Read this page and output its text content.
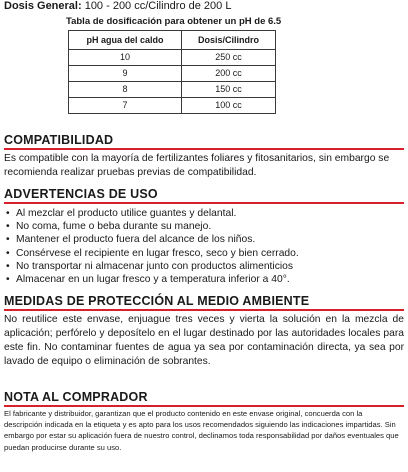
Dosis General: 100 - 200 cc/Cilindro de 200 L
Tabla de dosificación para obtener un pH de 6.5
pH agua del caldo	Dosis/Cilindro
10	250 cc
9	200 cc
8	150 cc
7	100 cc
COMPATIBILIDAD
Es compatible con la mayoría de fertilizantes foliares y fitosanitarios, sin embargo se recomienda realizar pruebas previas de compatibilidad.
ADVERTENCIAS DE USO
• Al mezclar el producto utilice guantes y delantal.
• No coma, fume o beba durante su manejo.
• Mantener el producto fuera del alcance de los niños.
• Consérvese el recipiente en lugar fresco, seco y bien cerrado.
• No transportar ni almacenar junto con productos alimenticios
• Almacenar en un lugar fresco y a temperatura inferior a 40°.
MEDIDAS DE PROTECCIÓN AL MEDIO AMBIENTE
No reutilice este envase, enjuague tres veces y vierta la solución en la mezcla de aplicación; perfórelo y deposítelo en el lugar destinado por las autoridades locales para este fin. No contaminar fuentes de agua ya sea por contaminación directa, ya sea por lavado de equipo o eliminación de sobrantes.
NOTA AL COMPRADOR
El fabricante y distribuidor, garantizan que el producto contenido en este envase original, concuerda con la descripción indicada en la etiqueta y es apto para los usos recomendados siguiendo las indicaciones impartidas. Sin embargo por estar su aplicación fuera de nuestro control, declinamos toda responsabilidad por daños eventuales que puedan producirse durante su uso.
